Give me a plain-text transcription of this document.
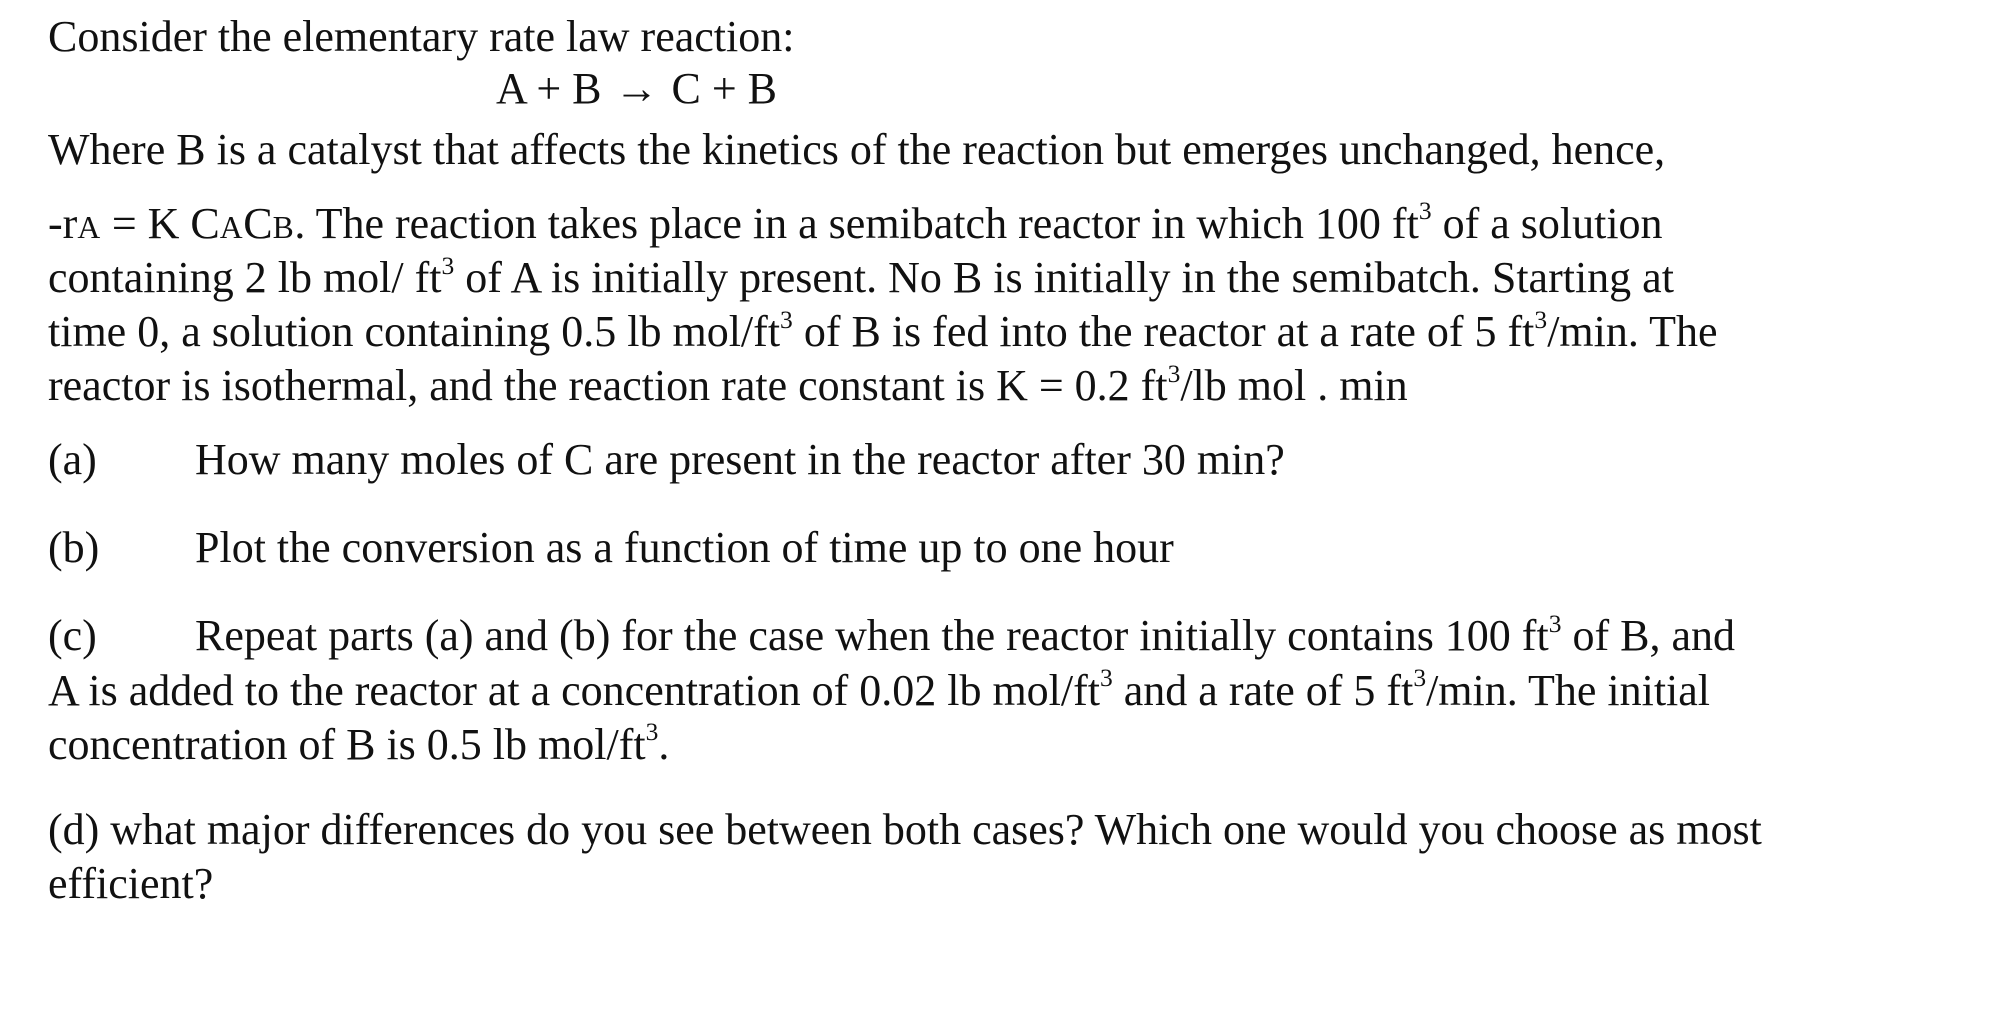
Consider the elementary rate law reaction:

A + B → C + B

Where B is a catalyst that affects the kinetics of the reaction but emerges unchanged, hence,

-rA = K CACB. The reaction takes place in a semibatch reactor in which 100 $ft^3$ of a solution

containing 2 lb mol/ $ft^3$ of A is initially present. No B is initially in the semibatch. Starting at

time 0, a solution containing 0.5 lb mol/$ft^3$ of B is fed into the reactor at a rate of 5 $ft^3/\min$. The

reactor is isothermal, and the reaction rate constant is K = 0.2 $ft^3/lb$ mol . min

(a)	How many moles of C are present in the reactor after 30 min?
(b)	Plot the conversion as a function of time up to one hour
(c)	Repeat parts (a) and (b) for the case when the reactor initially contains 100 $ft^3$ of B, and

A is added to the reactor at a concentration of 0.02 lb mol/$ft^3$ and a rate of 5 $ft^3/\min$. The initial

concentration of B is 0.5 lb mol/$ft^3$.

(d) what major differences do you see between both cases? Which one would you choose as most

efficient?
